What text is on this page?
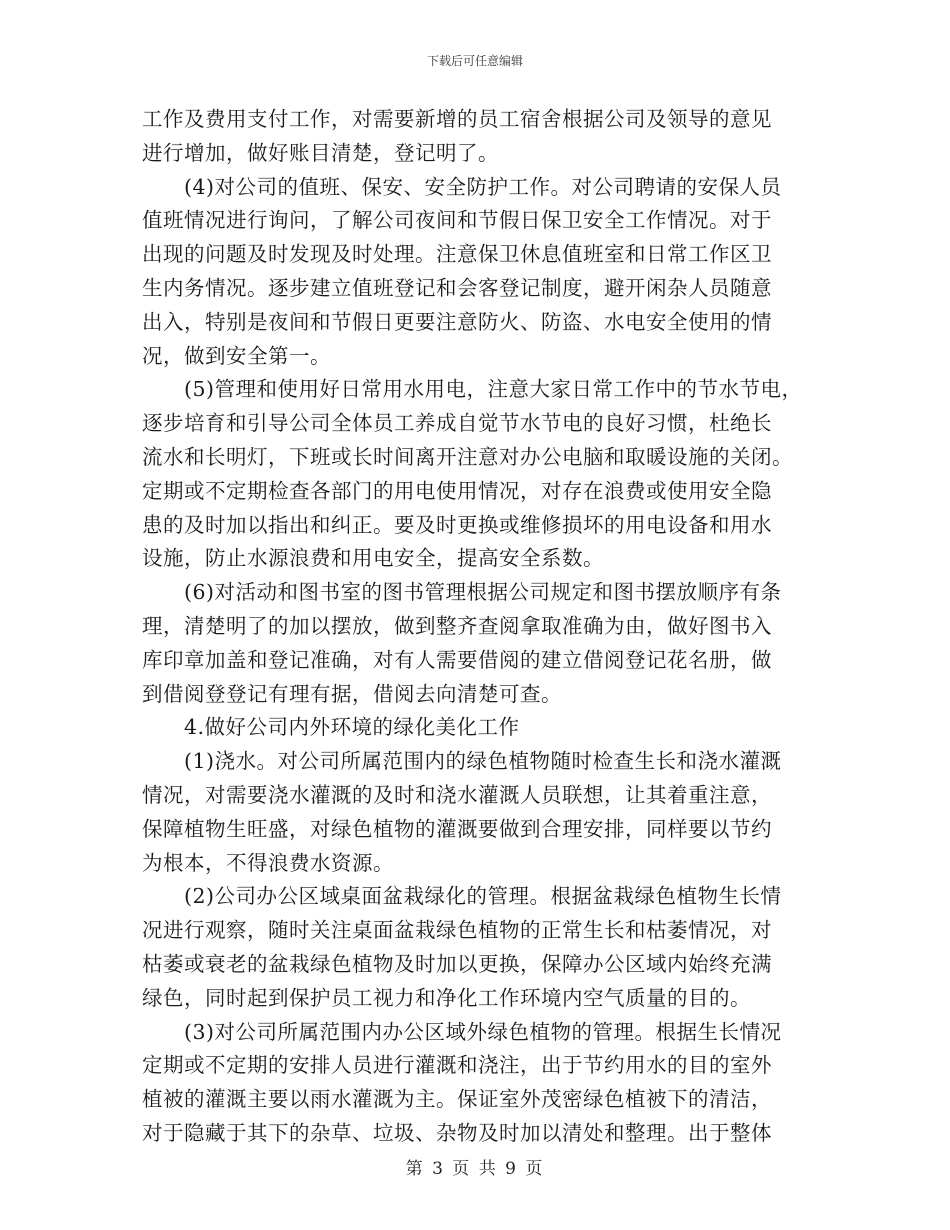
下载后可任意编辑
工作及费用支付工作，对需要新增的员工宿舍根据公司及领导的意见
进行增加，做好账目清楚，登记明了。
(4)对公司的值班、保安、安全防护工作。对公司聘请的安保人员
值班情况进行询问，了解公司夜间和节假日保卫安全工作情况。对于
出现的问题及时发现及时处理。注意保卫休息值班室和日常工作区卫
生内务情况。逐步建立值班登记和会客登记制度，避开闲杂人员随意
出入，特别是夜间和节假日更要注意防火、防盗、水电安全使用的情
况，做到安全第一。
(5)管理和使用好日常用水用电，注意大家日常工作中的节水节电，
逐步培育和引导公司全体员工养成自觉节水节电的良好习惯，杜绝长
流水和长明灯，下班或长时间离开注意对办公电脑和取暖设施的关闭。
定期或不定期检查各部门的用电使用情况，对存在浪费或使用安全隐
患的及时加以指出和纠正。要及时更换或维修损坏的用电设备和用水
设施，防止水源浪费和用电安全，提高安全系数。
(6)对活动和图书室的图书管理根据公司规定和图书摆放顺序有条
理，清楚明了的加以摆放，做到整齐查阅拿取准确为由，做好图书入
库印章加盖和登记准确，对有人需要借阅的建立借阅登记花名册，做
到借阅登登记有理有据，借阅去向清楚可查。
4.做好公司内外环境的绿化美化工作
(1)浇水。对公司所属范围内的绿色植物随时检查生长和浇水灌溉
情况，对需要浇水灌溉的及时和浇水灌溉人员联想，让其着重注意，
保障植物生旺盛，对绿色植物的灌溉要做到合理安排，同样要以节约
为根本，不得浪费水资源。
(2)公司办公区域桌面盆栽绿化的管理。根据盆栽绿色植物生长情
况进行观察，随时关注桌面盆栽绿色植物的正常生长和枯萎情况，对
枯萎或衰老的盆栽绿色植物及时加以更换，保障办公区域内始终充满
绿色，同时起到保护员工视力和净化工作环境内空气质量的目的。
(3)对公司所属范围内办公区域外绿色植物的管理。根据生长情况
定期或不定期的安排人员进行灌溉和浇注，出于节约用水的目的室外
植被的灌溉主要以雨水灌溉为主。保证室外茂密绿色植被下的清洁，
对于隐藏于其下的杂草、垃圾、杂物及时加以清处和整理。出于整体
第 3 页 共 9 页
